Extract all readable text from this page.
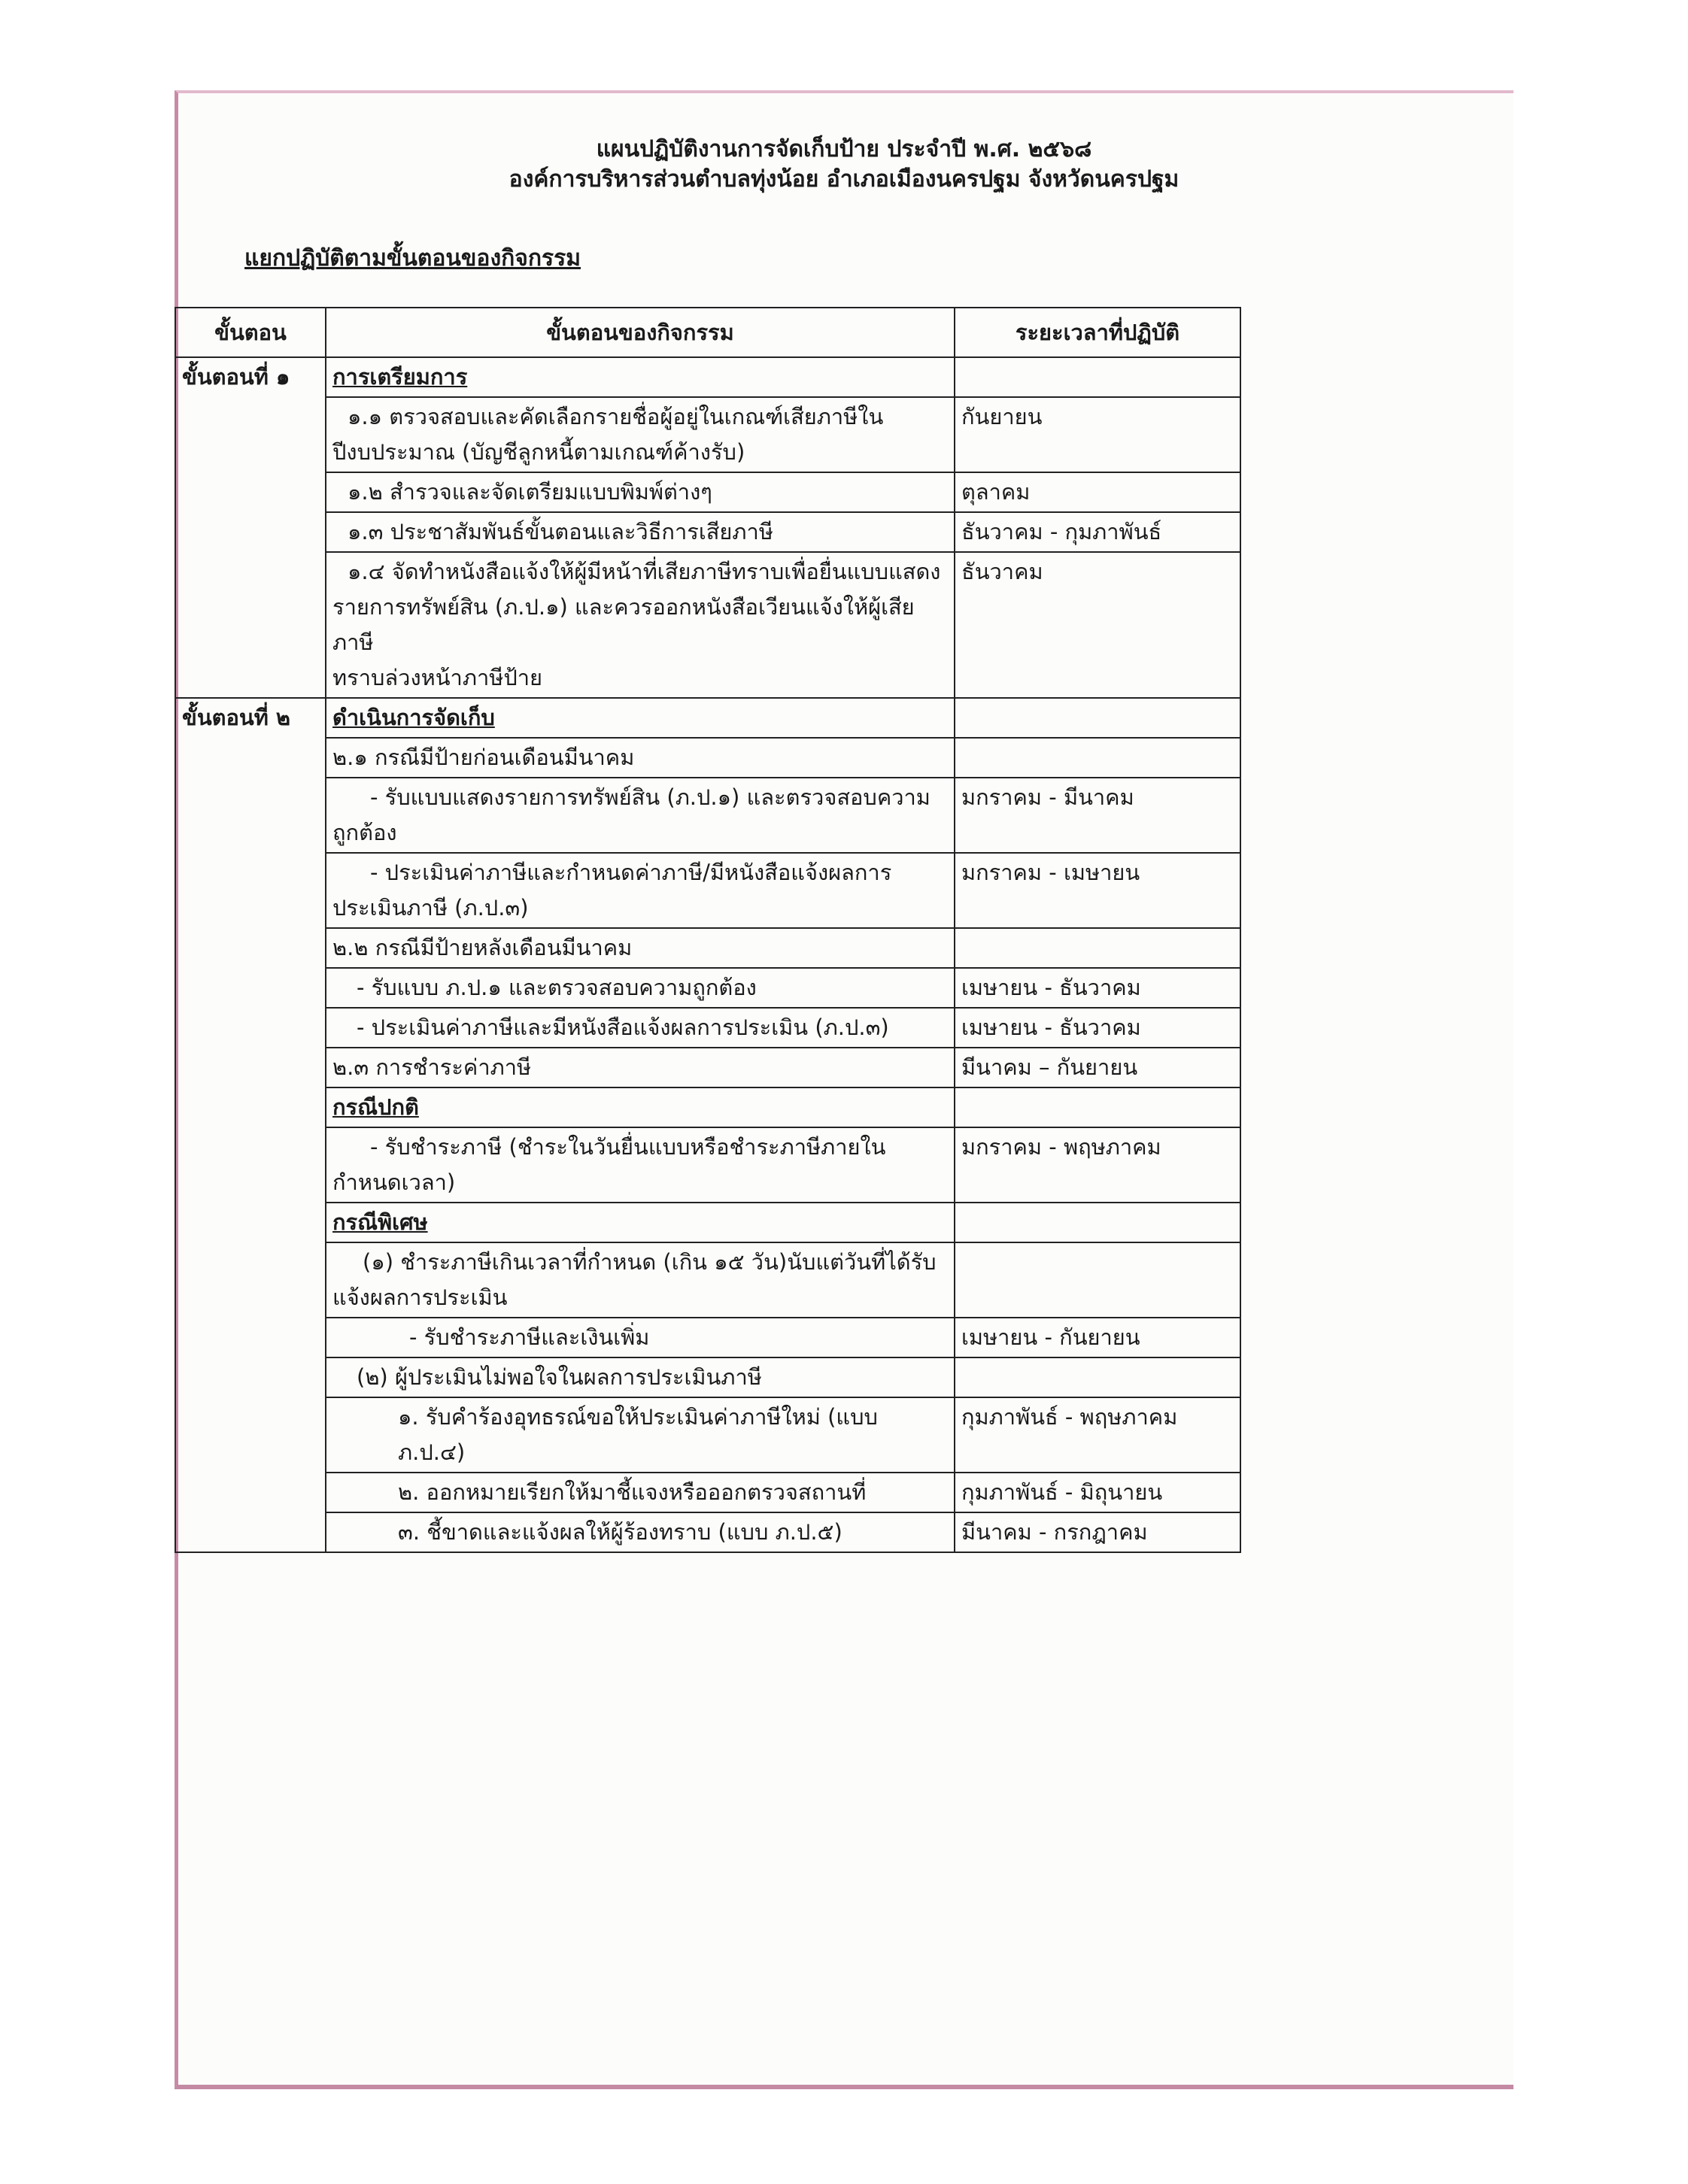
แผนปฏิบัติงานการจัดเก็บป้าย ประจำปี พ.ศ. ๒๕๖๘
องค์การบริหารส่วนตำบลทุ่งน้อย อำเภอเมืองนครปฐม จังหวัดนครปฐม
แยกปฏิบัติตามขั้นตอนของกิจกรรม
ขั้นตอน	ขั้นตอนของกิจกรรม	ระยะเวลาที่ปฏิบัติ
ขั้นตอนที่ ๑	การเตรียมการ	

	๑.๑ ตรวจสอบและคัดเลือกรายชื่อผู้อยู่ในเกณฑ์เสียภาษีใน
ปีงบประมาณ (บัญชีลูกหนี้ตามเกณฑ์ค้างรับ)	กันยายน
	๑.๒ สำรวจและจัดเตรียมแบบพิมพ์ต่างๆ	ตุลาคม
	๑.๓ ประชาสัมพันธ์ขั้นตอนและวิธีการเสียภาษี	ธันวาคม - กุมภาพันธ์

	๑.๔ จัดทำหนังสือแจ้งให้ผู้มีหน้าที่เสียภาษีทราบเพื่อยื่นแบบแสดง
รายการทรัพย์สิน (ภ.ป.๑) และควรออกหนังสือเวียนแจ้งให้ผู้เสียภาษี
ทราบล่วงหน้าภาษีป้าย	ธันวาคม
ขั้นตอนที่ ๒	ดำเนินการจัดเก็บ	
	๒.๑ กรณีมีป้ายก่อนเดือนมีนาคม	

	- รับแบบแสดงรายการทรัพย์สิน (ภ.ป.๑) และตรวจสอบความ
ถูกต้อง	มกราคม - มีนาคม

	- ประเมินค่าภาษีและกำหนดค่าภาษี/มีหนังสือแจ้งผลการ
ประเมินภาษี (ภ.ป.๓)	มกราคม - เมษายน
	๒.๒ กรณีมีป้ายหลังเดือนมีนาคม	
	- รับแบบ ภ.ป.๑ และตรวจสอบความถูกต้อง	เมษายน - ธันวาคม
	- ประเมินค่าภาษีและมีหนังสือแจ้งผลการประเมิน (ภ.ป.๓)	เมษายน - ธันวาคม
	๒.๓ การชำระค่าภาษี	มีนาคม – กันยายน
	กรณีปกติ	

	- รับชำระภาษี (ชำระในวันยื่นแบบหรือชำระภาษีภายใน
กำหนดเวลา)	มกราคม - พฤษภาคม
	กรณีพิเศษ	

	(๑) ชำระภาษีเกินเวลาที่กำหนด (เกิน ๑๕ วัน)นับแต่วันที่ได้รับ
แจ้งผลการประเมิน	

	- รับชำระภาษีและเงินเพิ่ม	เมษายน - กันยายน
	(๒) ผู้ประเมินไม่พอใจในผลการประเมินภาษี	
	๑. รับคำร้องอุทธรณ์ขอให้ประเมินค่าภาษีใหม่ (แบบ ภ.ป.๔)	กุมภาพันธ์ - พฤษภาคม
	๒. ออกหมายเรียกให้มาชี้แจงหรือออกตรวจสถานที่	กุมภาพันธ์ - มิถุนายน
	๓. ชี้ขาดและแจ้งผลให้ผู้ร้องทราบ (แบบ ภ.ป.๕)	มีนาคม - กรกฎาคม
